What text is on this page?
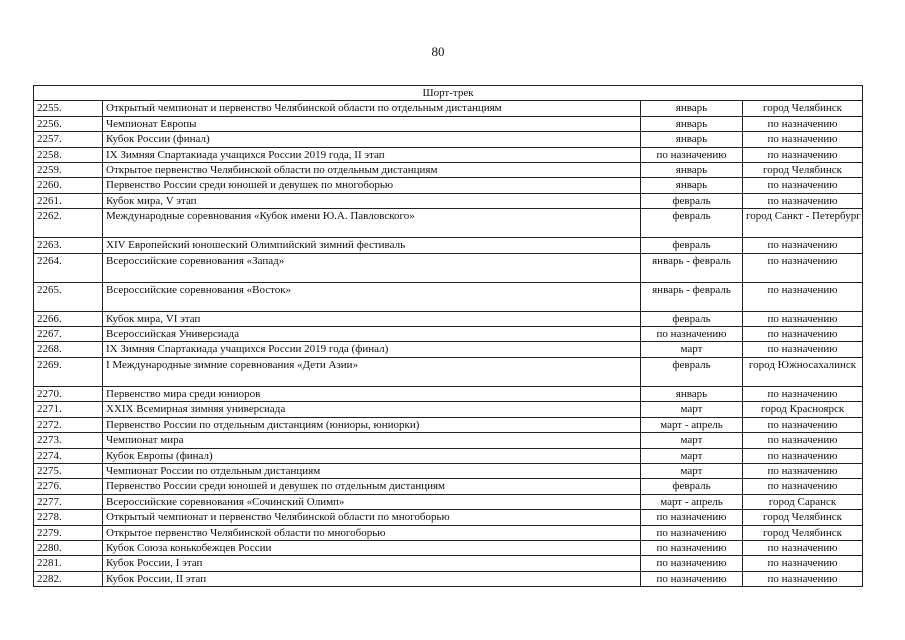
80
Шорт-трек			
2255.	Открытый чемпионат и первенство Челябинской области по отдельным дистанциям	январь	город Челябинск
2256.	Чемпионат Европы	январь	по назначению
2257.	Кубок России (финал)	январь	по назначению
2258.	IX Зимняя Спартакиада учащихся России 2019 года, II этап	по назначению	по назначению
2259.	Открытое первенство Челябинской области по отдельным дистанциям	январь	город Челябинск
2260.	Первенство России среди юношей и девушек по многоборью	январь	по назначению
2261.	Кубок мира, V этап	февраль	по назначению
2262.	Международные соревнования «Кубок имени Ю.А. Павловского»	февраль	город Санкт - Петербург
2263.	XIV Европейский юношеский Олимпийский зимний фестиваль	февраль	по назначению
2264.	Всероссийские соревнования «Запад»	январь - февраль	по назначению
2265.	Всероссийские соревнования «Восток»	январь - февраль	по назначению
2266.	Кубок мира, VI этап	февраль	по назначению
2267.	Всероссийская Универсиада	по назначению	по назначению
2268.	IX Зимняя Спартакиада учащихся России 2019 года (финал)	март	по назначению
2269.	I Международные зимние соревнования «Дети Азии»	февраль	город Южносахалинск
2270.	Первенство мира среди юниоров	январь	по назначению
2271.	XXIX Всемирная зимняя универсиада	март	город Красноярск
2272.	Первенство России по отдельным дистанциям (юниоры, юниорки)	март - апрель	по назначению
2273.	Чемпионат мира	март	по назначению
2274.	Кубок Европы (финал)	март	по назначению
2275.	Чемпионат России по отдельным дистанциям	март	по назначению
2276.	Первенство России среди юношей и девушек по отдельным дистанциям	февраль	по назначению
2277.	Всероссийские соревнования «Сочинский Олимп»	март - апрель	город Саранск
2278.	Открытый чемпионат и первенство Челябинской области по многоборью	по назначению	город Челябинск
2279.	Открытое первенство Челябинской области по многоборью	по назначению	город Челябинск
2280.	Кубок Союза конькобежцев России	по назначению	по назначению
2281.	Кубок России, I этап	по назначению	по назначению
2282.	Кубок России, II этап	по назначению	по назначению
